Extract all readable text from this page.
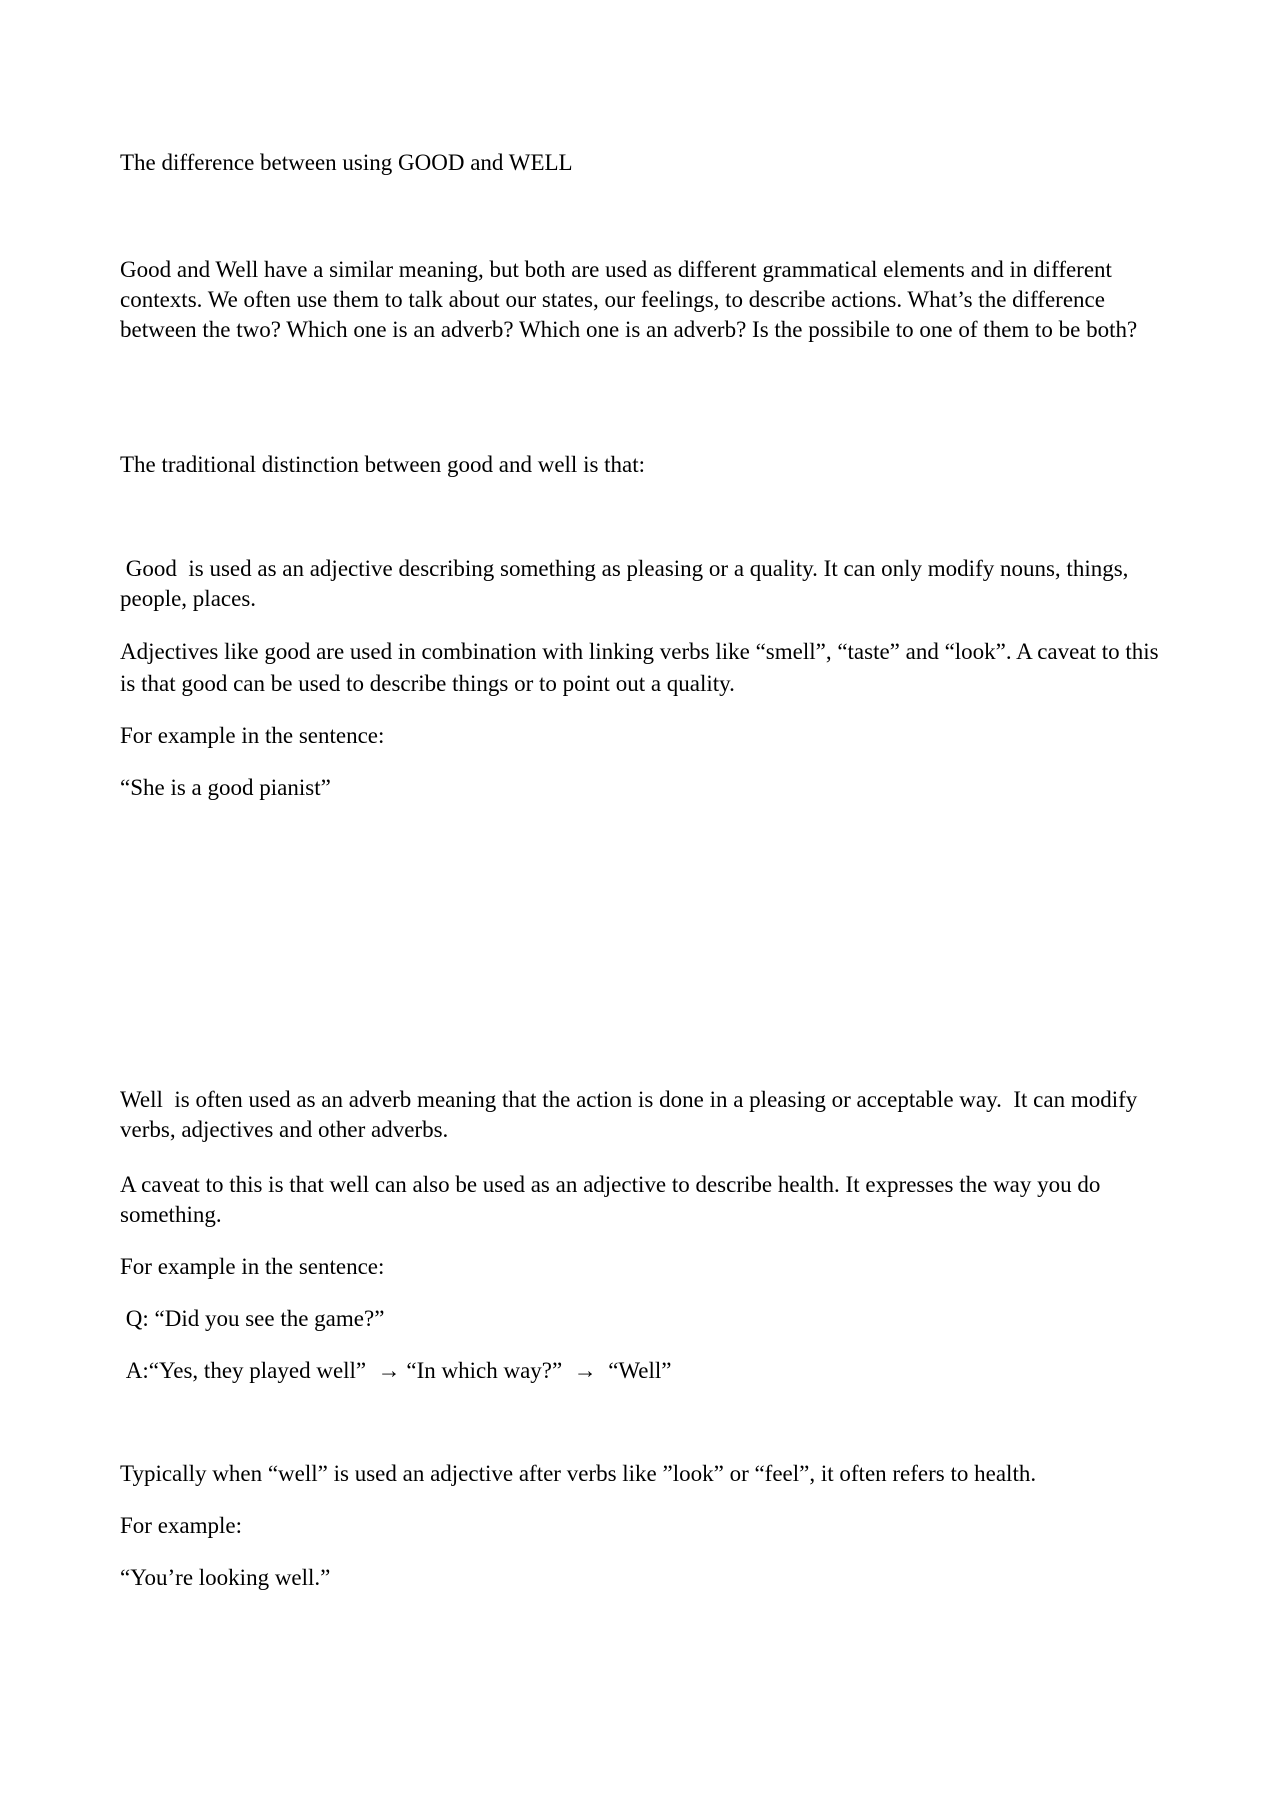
The difference between using GOOD and WELL

Good and Well have a similar meaning, but both are used as different grammatical elements and in different contexts. We often use them to talk about our states, our feelings, to describe actions. What’s the difference between the two? Which one is an adverb? Which one is an adverb? Is the possibile to one of them to be both?

The traditional distinction between good and well is that:

Good  is used as an adjective describing something as pleasing or a quality. It can only modify nouns, things, people, places.

Adjectives like good are used in combination with linking verbs like “smell”, “taste” and “look”. A caveat to this is that good can be used to describe things or to point out a quality.

For example in the sentence:

“She is a good pianist”

Well  is often used as an adverb meaning that the action is done in a pleasing or acceptable way.  It can modify verbs, adjectives and other adverbs.

A caveat to this is that well can also be used as an adjective to describe health. It expresses the way you do something.

For example in the sentence:

Q: “Did you see the game?”

A:“Yes, they played well”  → “In which way?”  →  “Well”

Typically when “well” is used an adjective after verbs like ”look” or “feel”, it often refers to health.

For example:

“You’re looking well.”
